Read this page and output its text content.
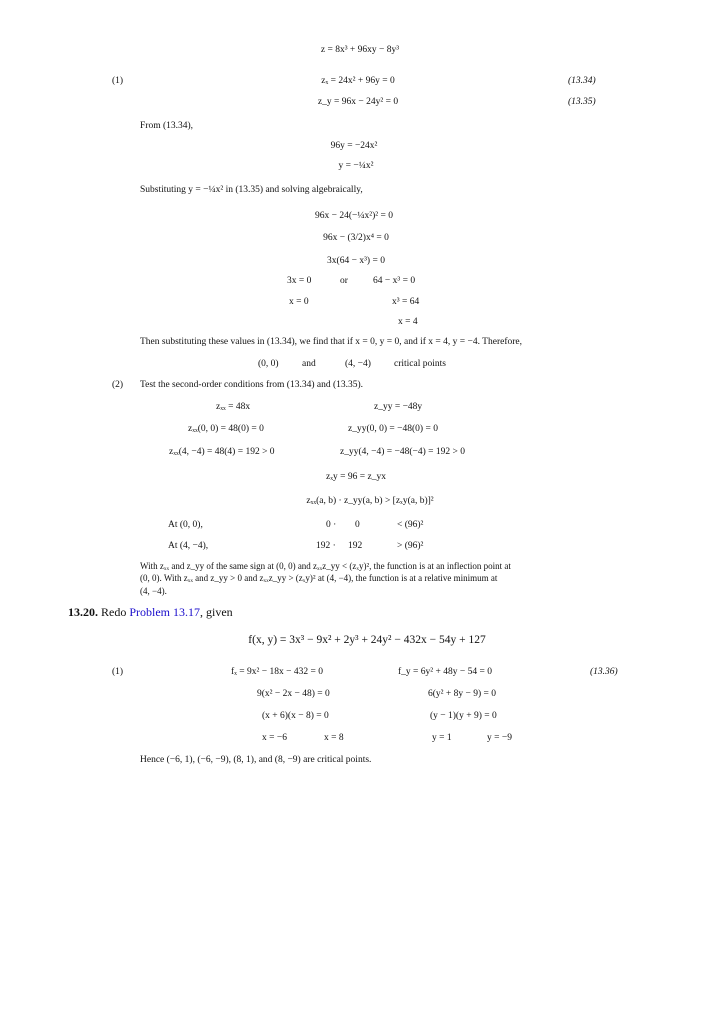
z = 8x³ + 96xy − 8y³
(1)	zₓ = 24x² + 96y = 0	(13.34)
z_y = 96x − 24y² = 0	(13.35)
From (13.34),
96y = −24x²
y = −¼x²
Substituting y = −¼x² in (13.35) and solving algebraically,
96x − 24(−¼x²)² = 0
96x − (3/2)x⁴ = 0
3x(64 − x³) = 0
3x = 0	or	64 − x³ = 0
x = 0	x³ = 64
x = 4
Then substituting these values in (13.34), we find that if x = 0, y = 0, and if x = 4, y = −4. Therefore,
(0, 0) and	(4, −4) critical points
(2) Test the second-order conditions from (13.34) and (13.35).
zₓₓ = 48x	z_yy = −48y
zₓₓ(0, 0) = 48(0) = 0	z_yy(0, 0) = −48(0) = 0
zₓₓ(4, −4) = 48(4) = 192 > 0	z_yy(4, −4) = −48(−4) = 192 > 0
zₓy = 96 = z_yx
zₓₓ(a, b) · z_yy(a, b) > [zₓy(a, b)]²
At (0, 0),	0 · 0	< (96)²
At (4, −4),	192 · 192	> (96)²
With zₓₓ and z_yy of the same sign at (0, 0) and zₓₓz_yy < (zₓy)², the function is at an inflection point at
(0, 0). With zₓₓ and z_yy > 0 and zₓₓz_yy > (zₓy)² at (4, −4), the function is at a relative minimum at
(4, −4).
13.20. Redo Problem 13.17, given
f(x, y) = 3x³ − 9x² + 2y³ + 24y² − 432x − 54y + 127
(1)	fₓ = 9x² − 18x − 432 = 0	f_y = 6y² + 48y − 54 = 0	(13.36)
9(x² − 2x − 48) = 0	6(y² + 8y − 9) = 0
(x + 6)(x − 8) = 0	(y − 1)(y + 9) = 0
x = −6	x = 8	y = 1	y = −9
Hence (−6, 1), (−6, −9), (8, 1), and (8, −9) are critical points.
